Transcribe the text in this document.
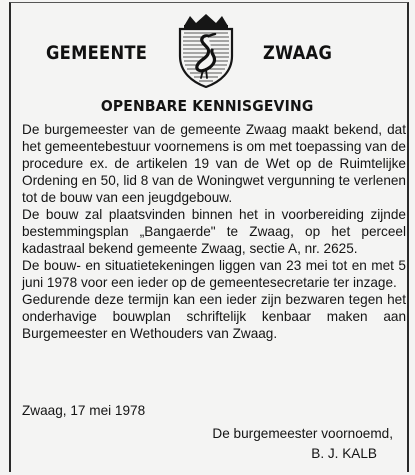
GEMEENTE	ZWAAG
OPENBARE KENNISGEVING

De burgemeester van de gemeente Zwaag maakt bekend, dat het gemeentebestuur voornemens is om met toepassing van de procedure ex. de artikelen 19 van de Wet op de Ruimtelijke Ordening en 50, lid 8 van de Woningwet vergunning te verlenen tot de bouw van een jeugdgebouw.

De bouw zal plaatsvinden binnen het in voorbereiding zijnde bestemmingsplan „Bangaerde" te Zwaag, op het perceel kadastraal bekend gemeente Zwaag, sectie A, nr. 2625.

De bouw- en situatietekeningen liggen van 23 mei tot en met 5 juni 1978 voor een ieder op de gemeentesecretarie ter inzage.

Gedurende deze termijn kan een ieder zijn bezwaren tegen het onderhavige bouwplan schriftelijk kenbaar maken aan Burgemeester en Wethouders van Zwaag.

Zwaag, 17 mei 1978
De burgemeester voornoemd,

B. J. KALB
